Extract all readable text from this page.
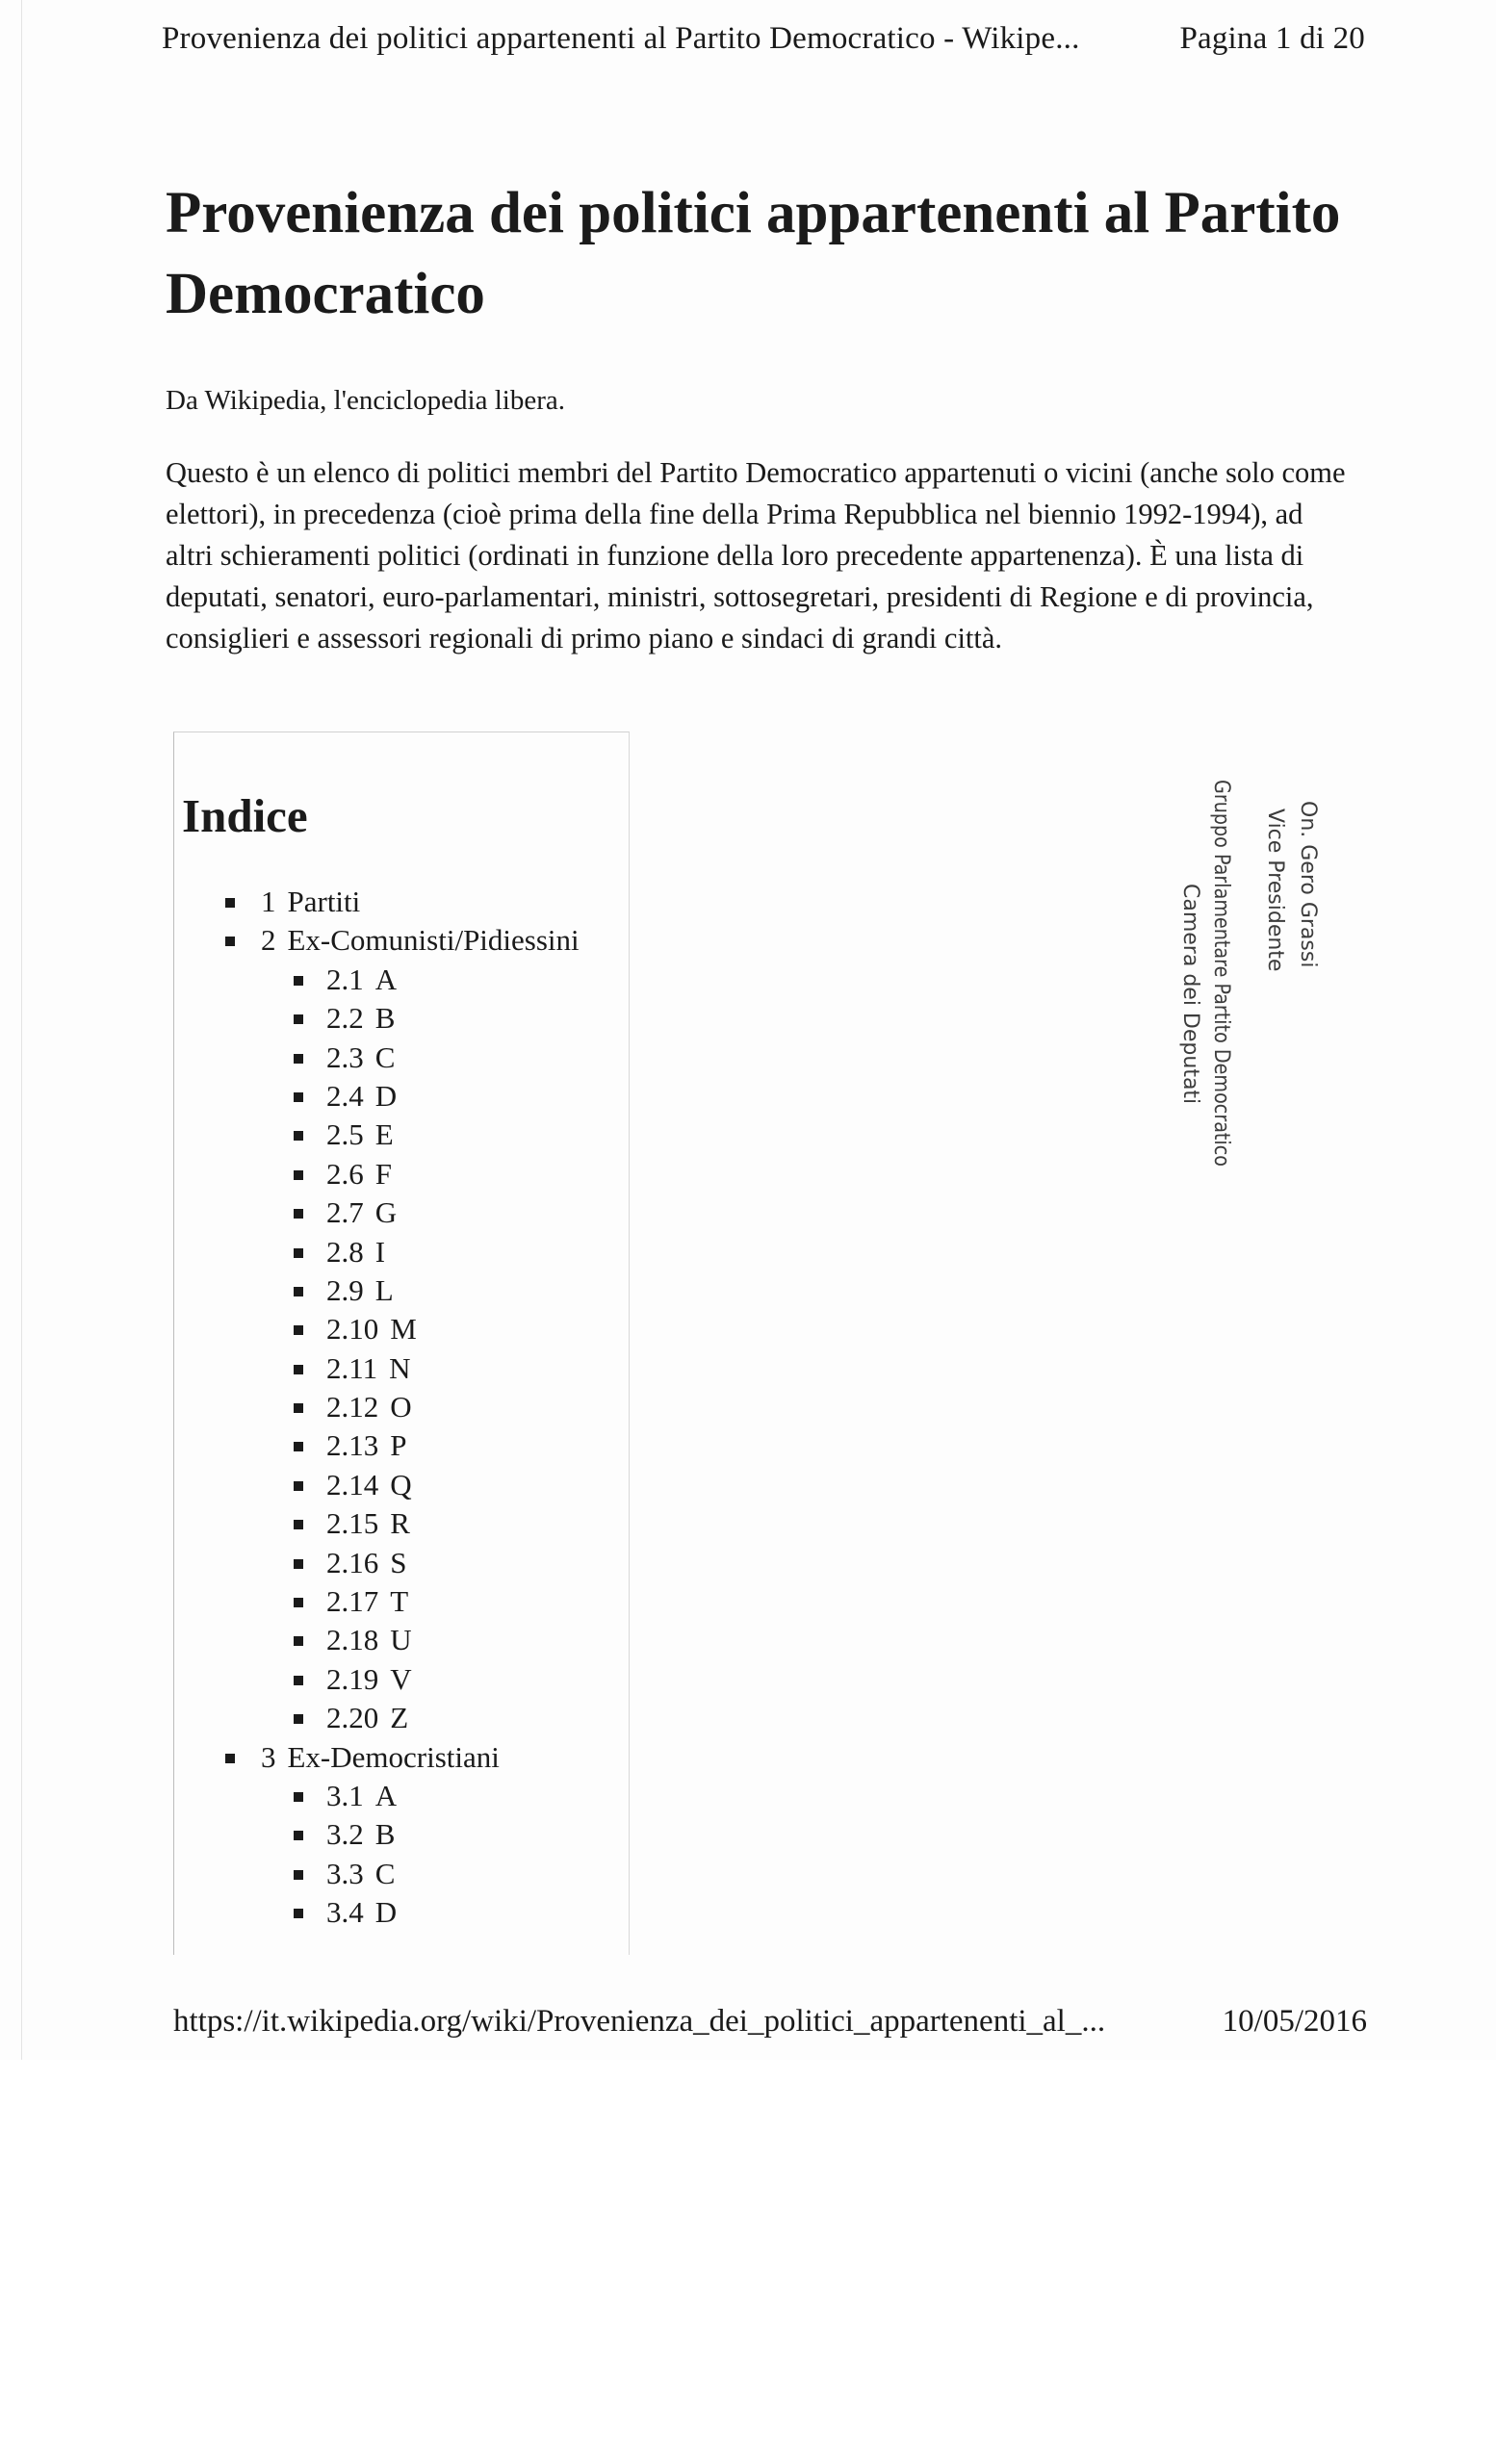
Provenienza dei politici appartenenti al Partito Democratico - Wikipe...	Pagina 1 di 20
Provenienza dei politici appartenenti al Partito Democratico
Da Wikipedia, l'enciclopedia libera.

Questo è un elenco di politici membri del Partito Democratico appartenuti o vicini (anche solo come elettori), in precedenza (cioè prima della fine della Prima Repubblica nel biennio 1992-1994), ad altri schieramenti politici (ordinati in funzione della loro precedente appartenenza). È una lista di deputati, senatori, euro-parlamentari, ministri, sottosegretari, presidenti di Regione e di provincia, consiglieri e assessori regionali di primo piano e sindaci di grandi città.

Indice
1 Partiti
2 Ex-Comunisti/Pidiessini
2.1 A
2.2 B
2.3 C
2.4 D
2.5 E
2.6 F
2.7 G
2.8 I
2.9 L
2.10 M
2.11 N
2.12 O
2.13 P
2.14 Q
2.15 R
2.16 S
2.17 T
2.18 U
2.19 V
2.20 Z
3 Ex-Democristiani
3.1 A
3.2 B
3.3 C
3.4 D
On. Gero Grassi
Vice Presidente
Gruppo Parlamentare Partito Democratico
Camera dei Deputati
https://it.wikipedia.org/wiki/Provenienza_dei_politici_appartenenti_al_...	10/05/2016
